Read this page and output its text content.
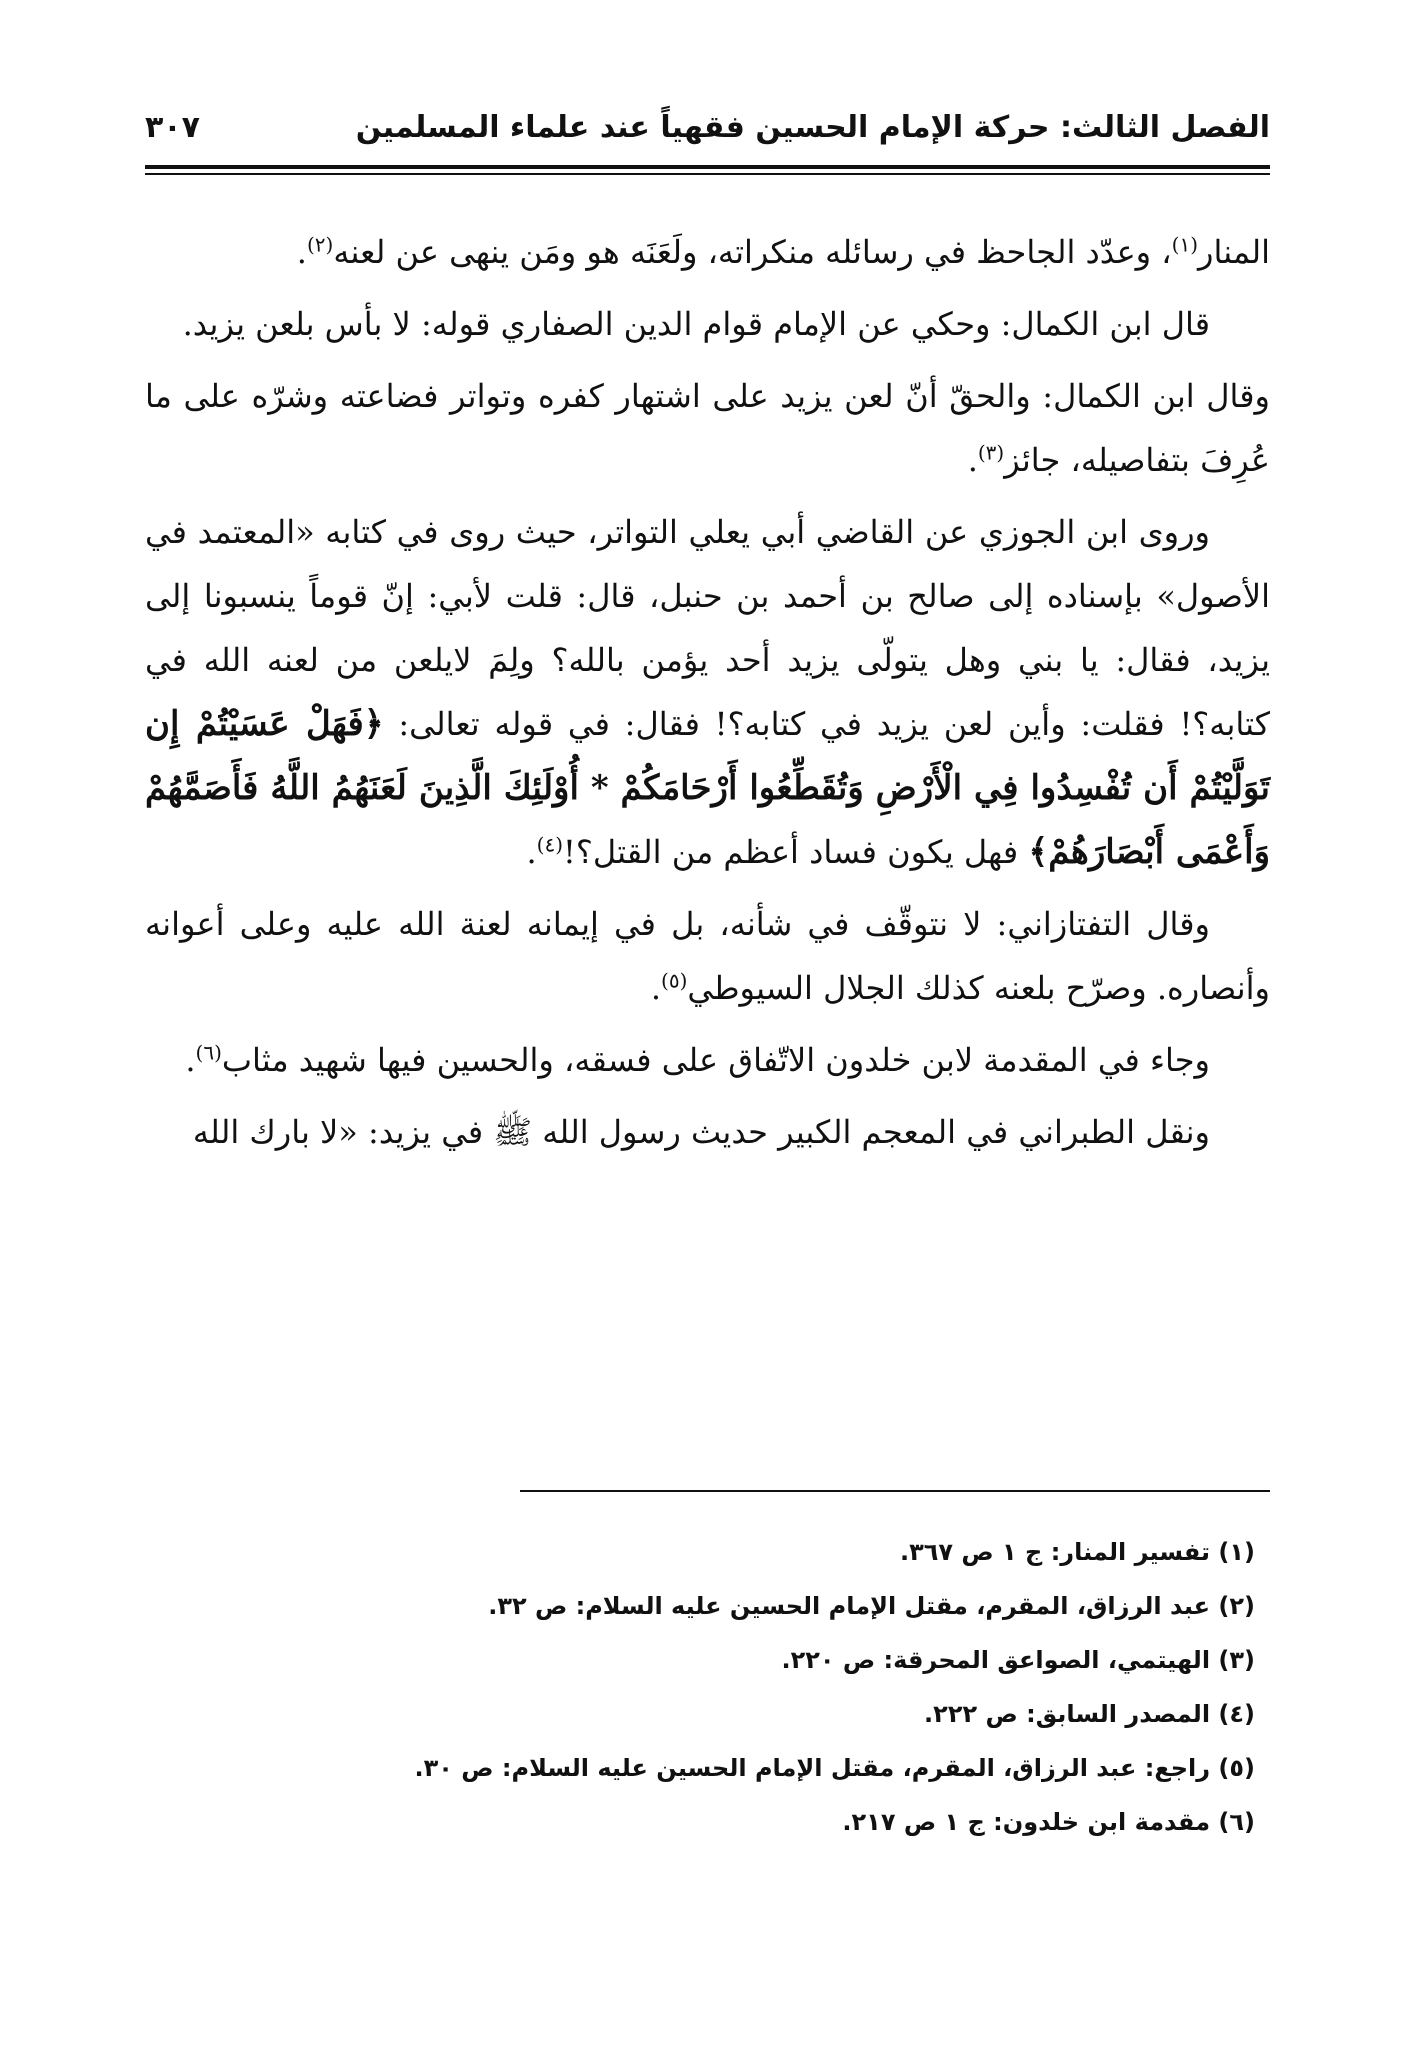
الفصل الثالث: حركة الإمام الحسين فقهياً عند علماء المسلمين
٣٠٧

المنار$^{(١)}$، وعدّد الجاحظ في رسائله منكراته، ولَعَنَه هو ومَن ينهى عن لعنه$^{(٢)}$.

قال ابن الكمال: وحكي عن الإمام قوام الدين الصفاري قوله: لا بأس بلعن يزيد.

وقال ابن الكمال: والحقّ أنّ لعن يزيد على اشتهار كفره وتواتر فضاعته وشرّه على ما عُرِفَ بتفاصيله، جائز$^{(٣)}$.

وروى ابن الجوزي عن القاضي أبي يعلي التواتر، حيث روى في كتابه «المعتمد في الأصول» بإسناده إلى صالح بن أحمد بن حنبل، قال: قلت لأبي: إنّ قوماً ينسبونا إلى يزيد، فقال: يا بني وهل يتولّى يزيد أحد يؤمن بالله؟ ولِمَ لايلعن من لعنه الله في كتابه؟! فقلت: وأين لعن يزيد في كتابه؟! فقال: في قوله تعالى: ﴿فَهَلْ عَسَيْتُمْ إِن تَوَلَّيْتُمْ أَن تُفْسِدُوا فِي الْأَرْضِ وَتُقَطِّعُوا أَرْحَامَكُمْ * أُوْلَئِكَ الَّذِينَ لَعَنَهُمُ اللَّهُ فَأَصَمَّهُمْ وَأَعْمَى أَبْصَارَهُمْ﴾ فهل يكون فساد أعظم من القتل؟!$^{(٤)}$.

وقال التفتازاني: لا نتوقّف في شأنه، بل في إيمانه لعنة الله عليه وعلى أعوانه وأنصاره. وصرّح بلعنه كذلك الجلال السيوطي$^{(٥)}$.

وجاء في المقدمة لابن خلدون الاتّفاق على فسقه، والحسين فيها شهيد مثاب$^{(٦)}$.

ونقل الطبراني في المعجم الكبير حديث رسول الله ﷺ في يزيد: «لا بارك الله

(١) تفسير المنار: ج ١ ص ٣٦٧.
(٢) عبد الرزاق، المقرم، مقتل الإمام الحسين عليه السلام: ص ٣٢.
(٣) الهيتمي، الصواعق المحرقة: ص ٢٢٠.
(٤) المصدر السابق: ص ٢٢٢.
(٥) راجع: عبد الرزاق، المقرم، مقتل الإمام الحسين عليه السلام: ص ٣٠.
(٦) مقدمة ابن خلدون: ج ١ ص ٢١٧.
